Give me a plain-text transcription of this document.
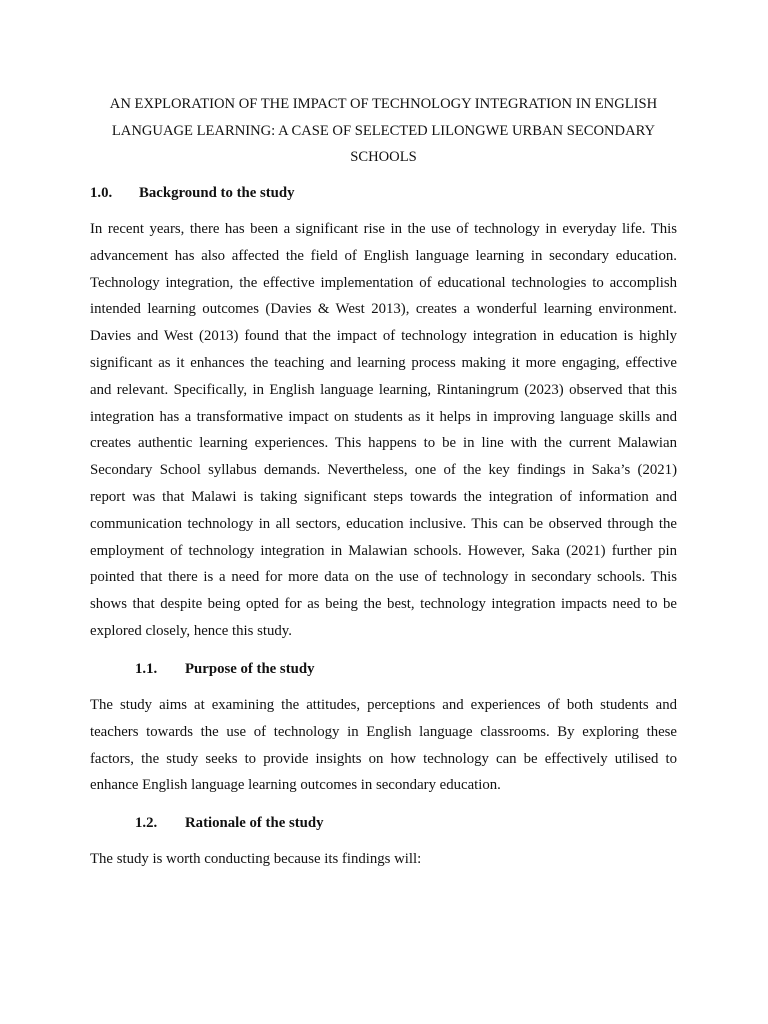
AN EXPLORATION OF THE IMPACT OF TECHNOLOGY INTEGRATION IN ENGLISH
LANGUAGE LEARNING: A CASE OF SELECTED LILONGWE URBAN SECONDARY
SCHOOLS
1.0. Background to the study
In recent years, there has been a significant rise in the use of technology in everyday life. This
advancement has also affected the field of English language learning in secondary education.
Technology integration, the effective implementation of educational technologies to accomplish
intended learning outcomes (Davies & West 2013), creates a wonderful learning environment.
Davies and West (2013) found that the impact of technology integration in education is highly
significant as it enhances the teaching and learning process making it more engaging, effective
and relevant. Specifically, in English language learning, Rintaningrum (2023) observed that this
integration has a transformative impact on students as it helps in improving language skills and
creates authentic learning experiences. This happens to be in line with the current Malawian
Secondary School syllabus demands. Nevertheless, one of the key findings in Saka’s (2021)
report was that Malawi is taking significant steps towards the integration of information and
communication technology in all sectors, education inclusive. This can be observed through the
employment of technology integration in Malawian schools. However, Saka (2021) further pin
pointed that there is a need for more data on the use of technology in secondary schools. This
shows that despite being opted for as being the best, technology integration impacts need to be
explored closely, hence this study.
1.1. Purpose of the study
The study aims at examining the attitudes, perceptions and experiences of both students and
teachers towards the use of technology in English language classrooms. By exploring these
factors, the study seeks to provide insights on how technology can be effectively utilised to
enhance English language learning outcomes in secondary education.
1.2. Rationale of the study
The study is worth conducting because its findings will:
